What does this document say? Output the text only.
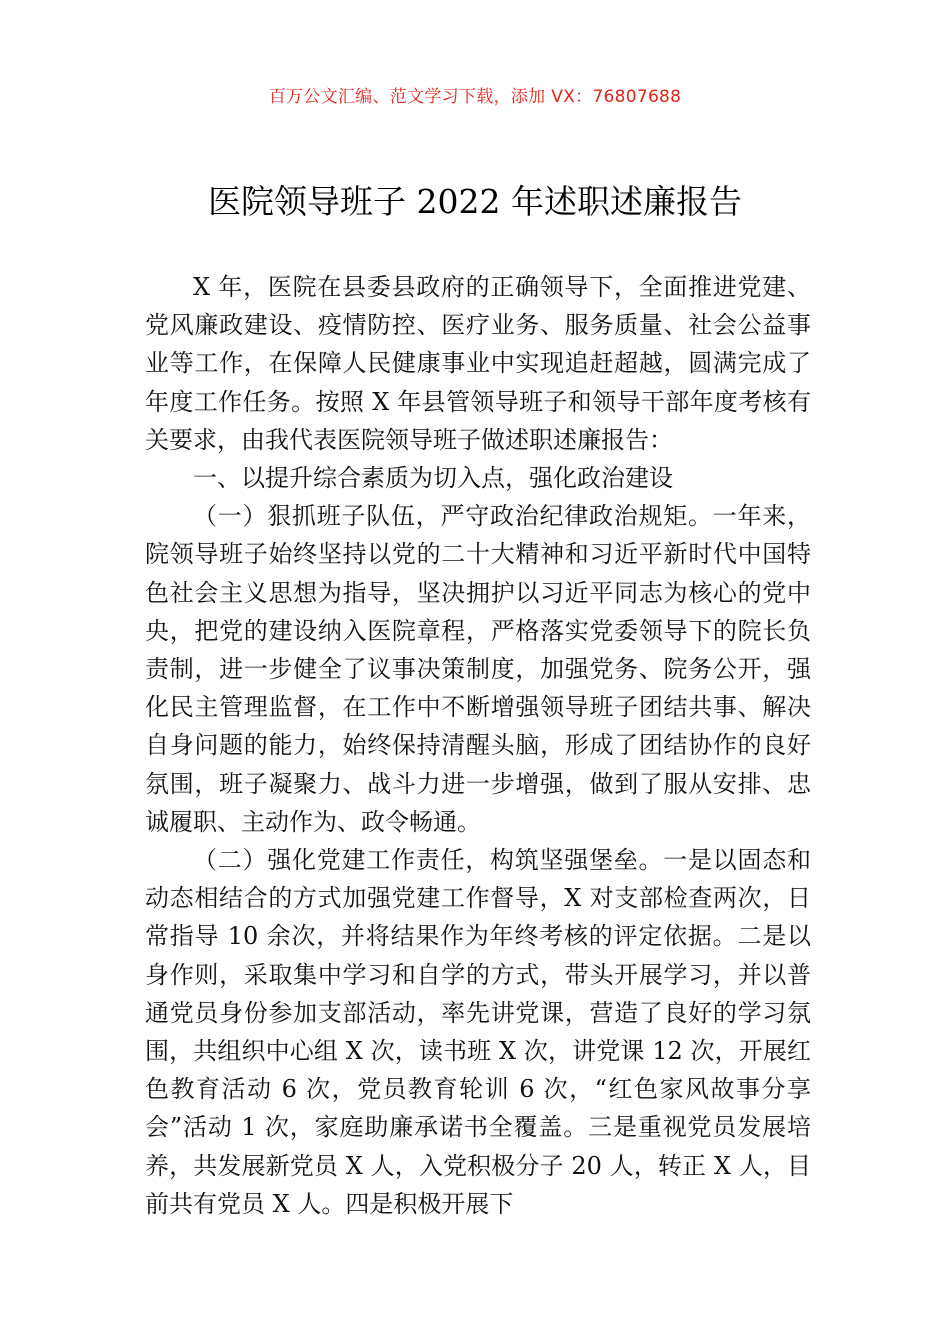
百万公文汇编、范文学习下载，添加 VX：76807688
医院领导班子 2022 年述职述廉报告

X 年，医院在县委县政府的正确领导下，全面推进党建、党风廉政建设、疫情防控、医疗业务、服务质量、社会公益事业等工作，在保障人民健康事业中实现追赶超越，圆满完成了年度工作任务。按照 X 年县管领导班子和领导干部年度考核有关要求，由我代表医院领导班子做述职述廉报告：

一、以提升综合素质为切入点，强化政治建设

（一）狠抓班子队伍，严守政治纪律政治规矩。一年来，院领导班子始终坚持以党的二十大精神和习近平新时代中国特色社会主义思想为指导，坚决拥护以习近平同志为核心的党中央，把党的建设纳入医院章程，严格落实党委领导下的院长负责制，进一步健全了议事决策制度，加强党务、院务公开，强化民主管理监督，在工作中不断增强领导班子团结共事、解决自身问题的能力，始终保持清醒头脑，形成了团结协作的良好氛围，班子凝聚力、战斗力进一步增强，做到了服从安排、忠诚履职、主动作为、政令畅通。

（二）强化党建工作责任，构筑坚强堡垒。一是以固态和动态相结合的方式加强党建工作督导，X 对支部检查两次，日常指导 10 余次，并将结果作为年终考核的评定依据。二是以身作则，采取集中学习和自学的方式，带头开展学习，并以普通党员身份参加支部活动，率先讲党课，营造了良好的学习氛围，共组织中心组 X 次，读书班 X 次，讲党课 12 次，开展红色教育活动 6 次，党员教育轮训 6 次，“红色家风故事分享会”活动 1 次，家庭助廉承诺书全覆盖。三是重视党员发展培养，共发展新党员 X 人，入党积极分子 20 人，转正 X 人，目前共有党员 X 人。四是积极开展下
